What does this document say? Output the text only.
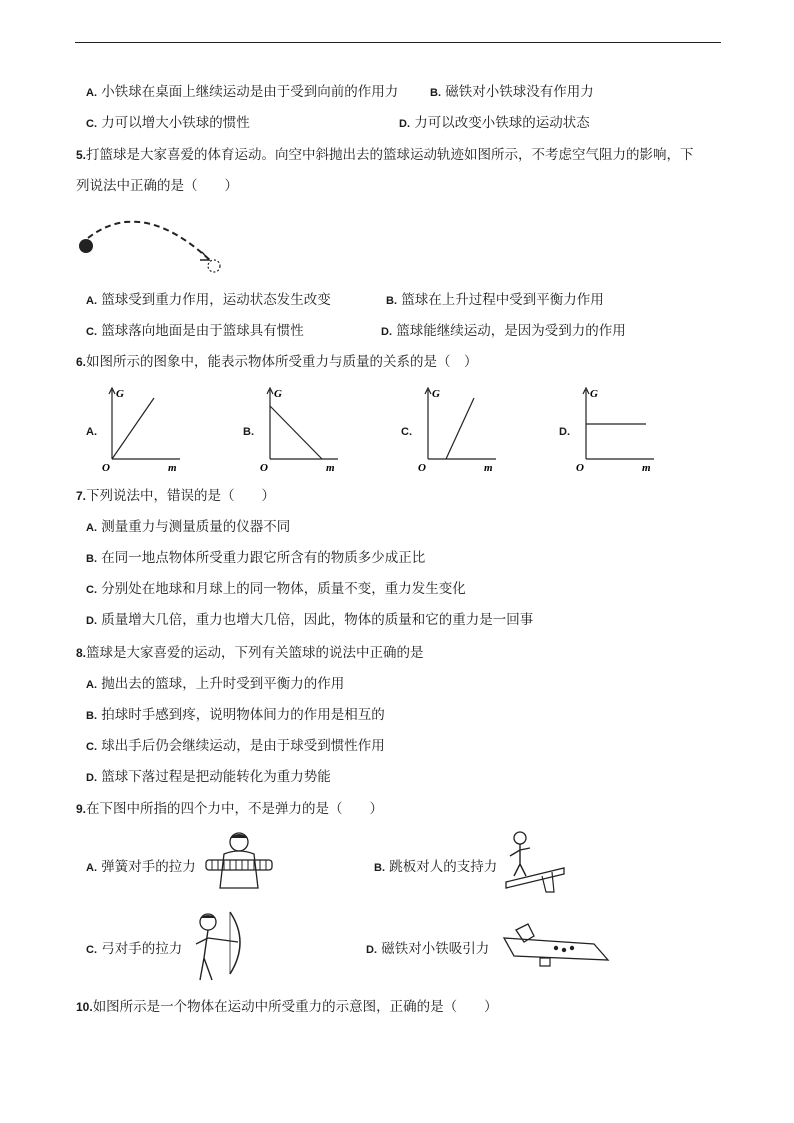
A. 小铁球在桌面上继续运动是由于受到向前的作用力	B. 磁铁对小铁球没有作用力
C. 力可以增大小铁球的惯性	D. 力可以改变小铁球的运动状态
5.打篮球是大家喜爱的体育运动。向空中斜抛出去的篮球运动轨迹如图所示，不考虑空气阻力的影响，下
列说法中正确的是（　　）
A. 篮球受到重力作用，运动状态发生改变	B. 篮球在上升过程中受到平衡力作用
C. 篮球落向地面是由于篮球具有惯性	D. 篮球能继续运动，是因为受到力的作用
6.如图所示的图象中，能表示物体所受重力与质量的关系的是（　）
A.
G
O	m
B.
G
O	m
C.
G
O	m
D.
G
O	m
7.下列说法中，错误的是（　　）
A. 测量重力与测量质量的仪器不同
B. 在同一地点物体所受重力跟它所含有的物质多少成正比
C. 分别处在地球和月球上的同一物体，质量不变，重力发生变化
D. 质量增大几倍，重力也增大几倍，因此，物体的质量和它的重力是一回事
8.篮球是大家喜爱的运动，下列有关篮球的说法中正确的是
A. 抛出去的篮球，上升时受到平衡力的作用
B. 拍球时手感到疼，说明物体间力的作用是相互的
C. 球出手后仍会继续运动，是由于球受到惯性作用
D. 篮球下落过程是把动能转化为重力势能
9.在下图中所指的四个力中，不是弹力的是（　　）
A. 弹簧对手的拉力	B. 跳板对人的支持力
C. 弓对手的拉力	D. 磁铁对小铁吸引力
10.如图所示是一个物体在运动中所受重力的示意图，正确的是（　　）
